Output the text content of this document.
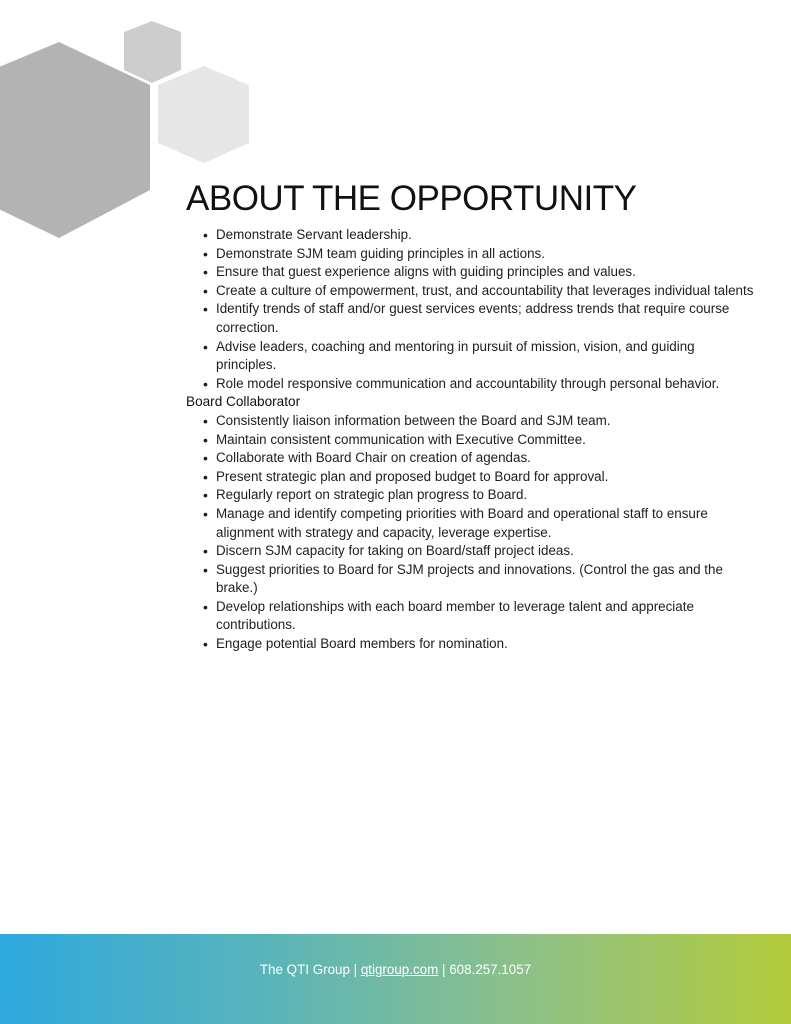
ABOUT THE OPPORTUNITY
• Demonstrate Servant leadership.
• Demonstrate SJM team guiding principles in all actions.
• Ensure that guest experience aligns with guiding principles and values.
• Create a culture of empowerment, trust, and accountability that leverages individual talents
• Identify trends of staff and/or guest services events; address trends that require course correction.
• Advise leaders, coaching and mentoring in pursuit of mission, vision, and guiding principles.
• Role model responsive communication and accountability through personal behavior.

Board Collaborator

• Consistently liaison information between the Board and SJM team.
• Maintain consistent communication with Executive Committee.
• Collaborate with Board Chair on creation of agendas.
• Present strategic plan and proposed budget to Board for approval.
• Regularly report on strategic plan progress to Board.
• Manage and identify competing priorities with Board and operational staff to ensure alignment with strategy and capacity, leverage expertise.
• Discern SJM capacity for taking on Board/staff project ideas.
• Suggest priorities to Board for SJM projects and innovations. (Control the gas and the brake.)
• Develop relationships with each board member to leverage talent and appreciate contributions.
• Engage potential Board members for nomination.
The QTI Group | qtigroup.com | 608.257.1057
